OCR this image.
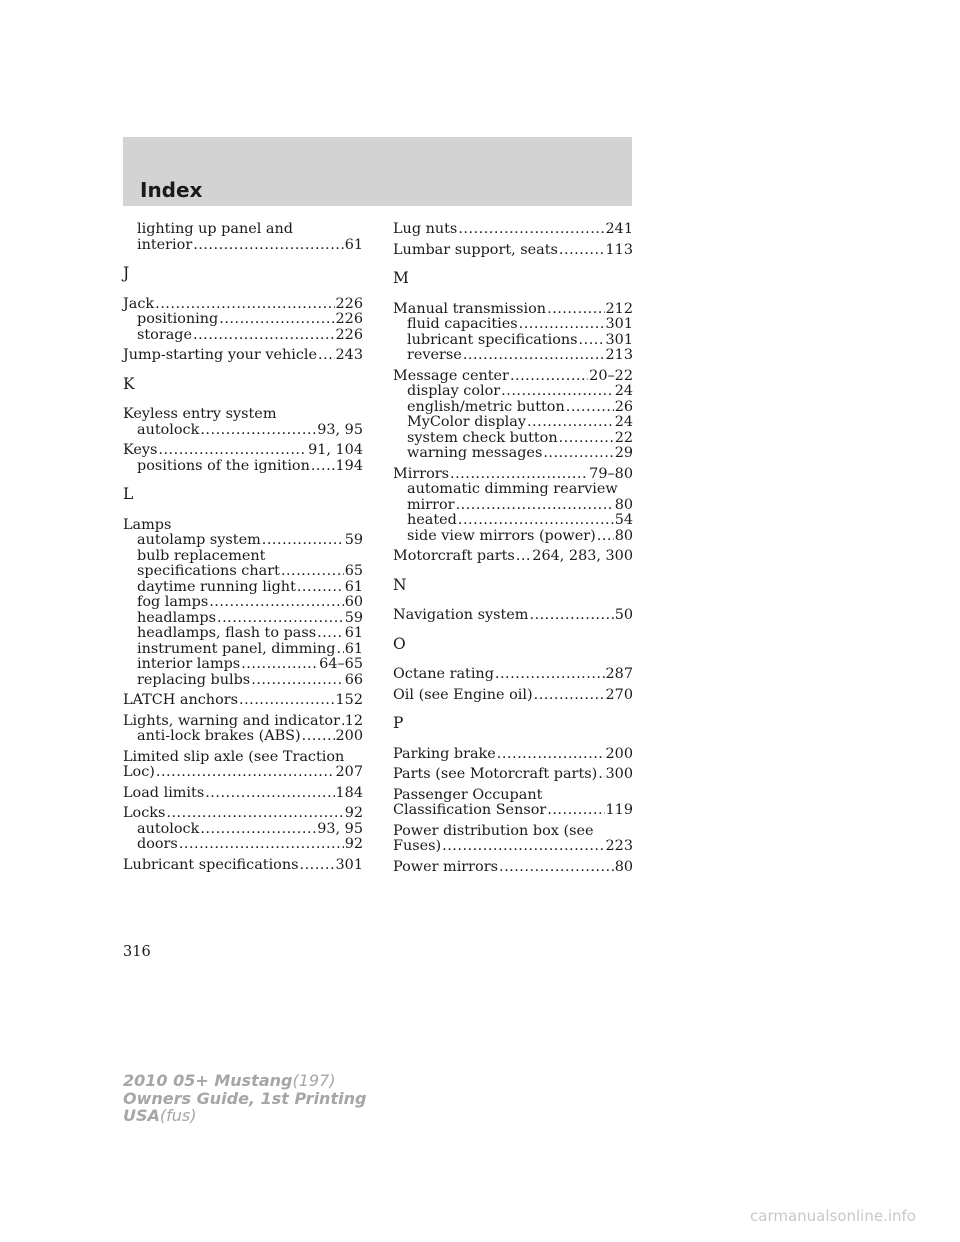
Index
lighting up panel and
interior .....	61
J
Jack .....	226
positioning .....	226
storage .....	226
Jump-starting your vehicle ..... 243
K
Keyless entry system
autolock .....	93, 95
Keys .....	91, 104
positions of the ignition ..... 194
L
Lamps
autolamp system .....	59
bulb replacement
specifications chart .....	65
daytime running light .....	61
fog lamps .....	60
headlamps .....	59
headlamps, flash to pass ..... 61
instrument panel, dimming ..... 61
interior lamps .....	64–65
replacing bulbs .....	66
LATCH anchors .....	152
Lights, warning and indicator ..... 12
anti-lock brakes (ABS) ..... 200
Limited slip axle (see Traction
Loc) .....	207
Load limits .....	184
Locks .....	92
autolock .....	93, 95
doors .....	92
Lubricant specifications .....	301
Lug nuts .....	241
Lumbar support, seats .....	113
M
Manual transmission .....	212
fluid capacities .....	301
lubricant specifications ..... 301
reverse .....	213
Message center .....	20–22
display color .....	24
english/metric button .....	26
MyColor display .....	24
system check button .....	22
warning messages .....	29
Mirrors .....	79–80
automatic dimming rearview
mirror .....	80
heated .....	54
side view mirrors (power) ..... 80
Motorcraft parts ..... 264, 283, 300
N
Navigation system .....	50
O
Octane rating .....	287
Oil (see Engine oil) .....	270
P
Parking brake .....	200
Parts (see Motorcraft parts) ..... 300
Passenger Occupant
Classification Sensor .....	119
Power distribution box (see
Fuses) .....	223
Power mirrors .....	80
316
2010 05+ Mustang(197)
Owners Guide, 1st Printing
USA(fus)
carmanualsonline.info
